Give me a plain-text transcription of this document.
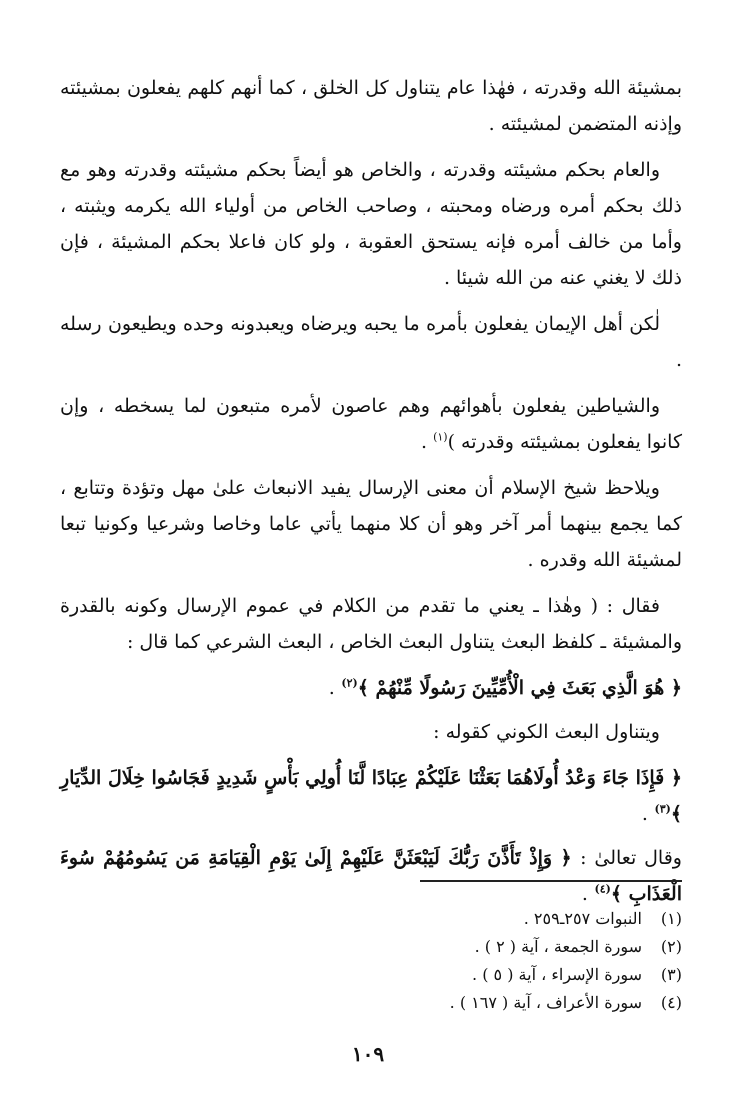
بمشيئة الله وقدرته ، فهٰذا عام يتناول كل الخلق ، كما أنهم كلهم يفعلون بمشيئته وإذنه المتضمن لمشيئته .

والعام بحكم مشيئته وقدرته ، والخاص هو أيضاً بحكم مشيئته وقدرته وهو مع ذلك بحكم أمره ورضاه ومحبته ، وصاحب الخاص من أولياء الله يكرمه ويثبته ، وأما من خالف أمره فإنه يستحق العقوبة ، ولو كان فاعلا بحكم المشيئة ، فإن ذلك لا يغني عنه من الله شيئا .

لٰكن أهل الإيمان يفعلون بأمره ما يحبه ويرضاه ويعبدونه وحده ويطيعون رسله .

والشياطين يفعلون بأهوائهم وهم عاصون لأمره متبعون لما يسخطه ، وإن كانوا يفعلون بمشيئته وقدرته )$^{(١)}$ .

ويلاحظ شيخ الإسلام أن معنى الإرسال يفيد الانبعاث علىٰ مهل وتؤدة وتتابع ، كما يجمع بينهما أمر آخر وهو أن كلا منهما يأتي عاما وخاصا وشرعيا وكونيا تبعا لمشيئة الله وقدره .

فقال : ( وهٰذا ـ يعني ما تقدم من الكلام في عموم الإرسال وكونه بالقدرة والمشيئة ـ كلفظ البعث يتناول البعث الخاص ، البعث الشرعي كما قال :

﴿ هُوَ الَّذِي بَعَثَ فِي الْأُمِّيِّينَ رَسُولًا مِّنْهُمْ ﴾$^{(٢)}$ .

ويتناول البعث الكوني كقوله :

﴿ فَإِذَا جَاءَ وَعْدُ أُولَاهُمَا بَعَثْنَا عَلَيْكُمْ عِبَادًا لَّنَا أُولِي بَأْسٍ شَدِيدٍ فَجَاسُوا خِلَالَ الدِّيَارِ ﴾$^{(٣)}$ .

وقال تعالىٰ : ﴿ وَإِذْ تَأَذَّنَ رَبُّكَ لَيَبْعَثَنَّ عَلَيْهِمْ إِلَىٰ يَوْمِ الْقِيَامَةِ مَن يَسُومُهُمْ سُوءَ الْعَذَابِ ﴾$^{(٤)}$ .

(١)النبوات ٢٥٧ـ٢٥٩ .
(٢)سورة الجمعة ، آية ( ٢ ) .
(٣)سورة الإسراء ، آية ( ٥ ) .
(٤)سورة الأعراف ، آية ( ١٦٧ ) .
١٠٩
